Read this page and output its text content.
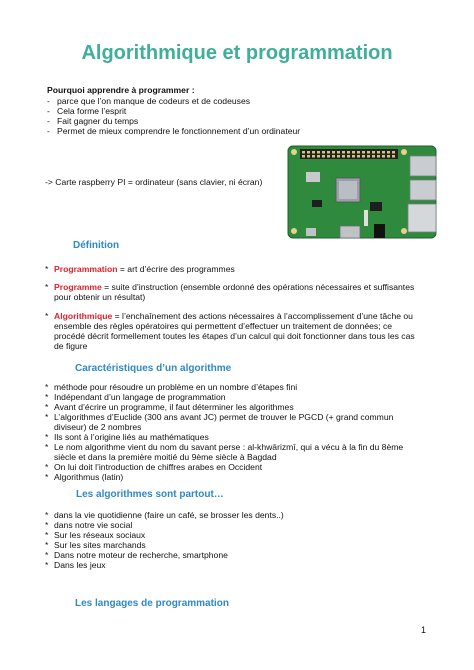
Algorithmique et programmation
Pourquoi apprendre à programmer :
- parce que l’on manque de codeurs et de codeuses
- Cela forme l’esprit
- Fait gagner du temps
- Permet de mieux comprendre le fonctionnement d’un ordinateur
-> Carte raspberry PI = ordinateur (sans clavier, ni écran)
Définition
* Programmation = art d’écrire des programmes
* Programme = suite d’instruction (ensemble ordonné des opérations nécessaires et suffisantes
pour obtenir un résultat)
* Algorithmique = l’enchaînement des actions nécessaires à l’accomplissement d’une tâche ou
ensemble des règles opératoires qui permettent d’effectuer un traitement de données; ce
procédé décrit formellement toutes les étapes d’un calcul qui doit fonctionner dans tous les cas
de figure
Caractéristiques d’un algorithme
* méthode pour résoudre un problème en un nombre d’étapes fini
* Indépendant d’un langage de programmation
* Avant d’écrire un programme, il faut déterminer les algorithmes
* L’algorithmes d’Euclide (300 ans avant JC) permet de trouver le PGCD (+ grand commun
diviseur) de 2 nombres
* Ils sont à l’origine liés au mathématiques
* Le nom algorithme vient du nom du savant perse : al-khwārizmī, qui a vécu à la fin du 8ème
siècle et dans la première moitié du 9ème siècle à Bagdad
* On lui doit l’introduction de chiffres arabes en Occident
* Algorithmus (latin)
Les algorithmes sont partout…
* dans la vie quotidienne (faire un café, se brosser les dents..)
* dans notre vie social
* Sur les réseaux sociaux
* Sur les sites marchands
* Dans notre moteur de recherche, smartphone
* Dans les jeux
Les langages de programmation
1
